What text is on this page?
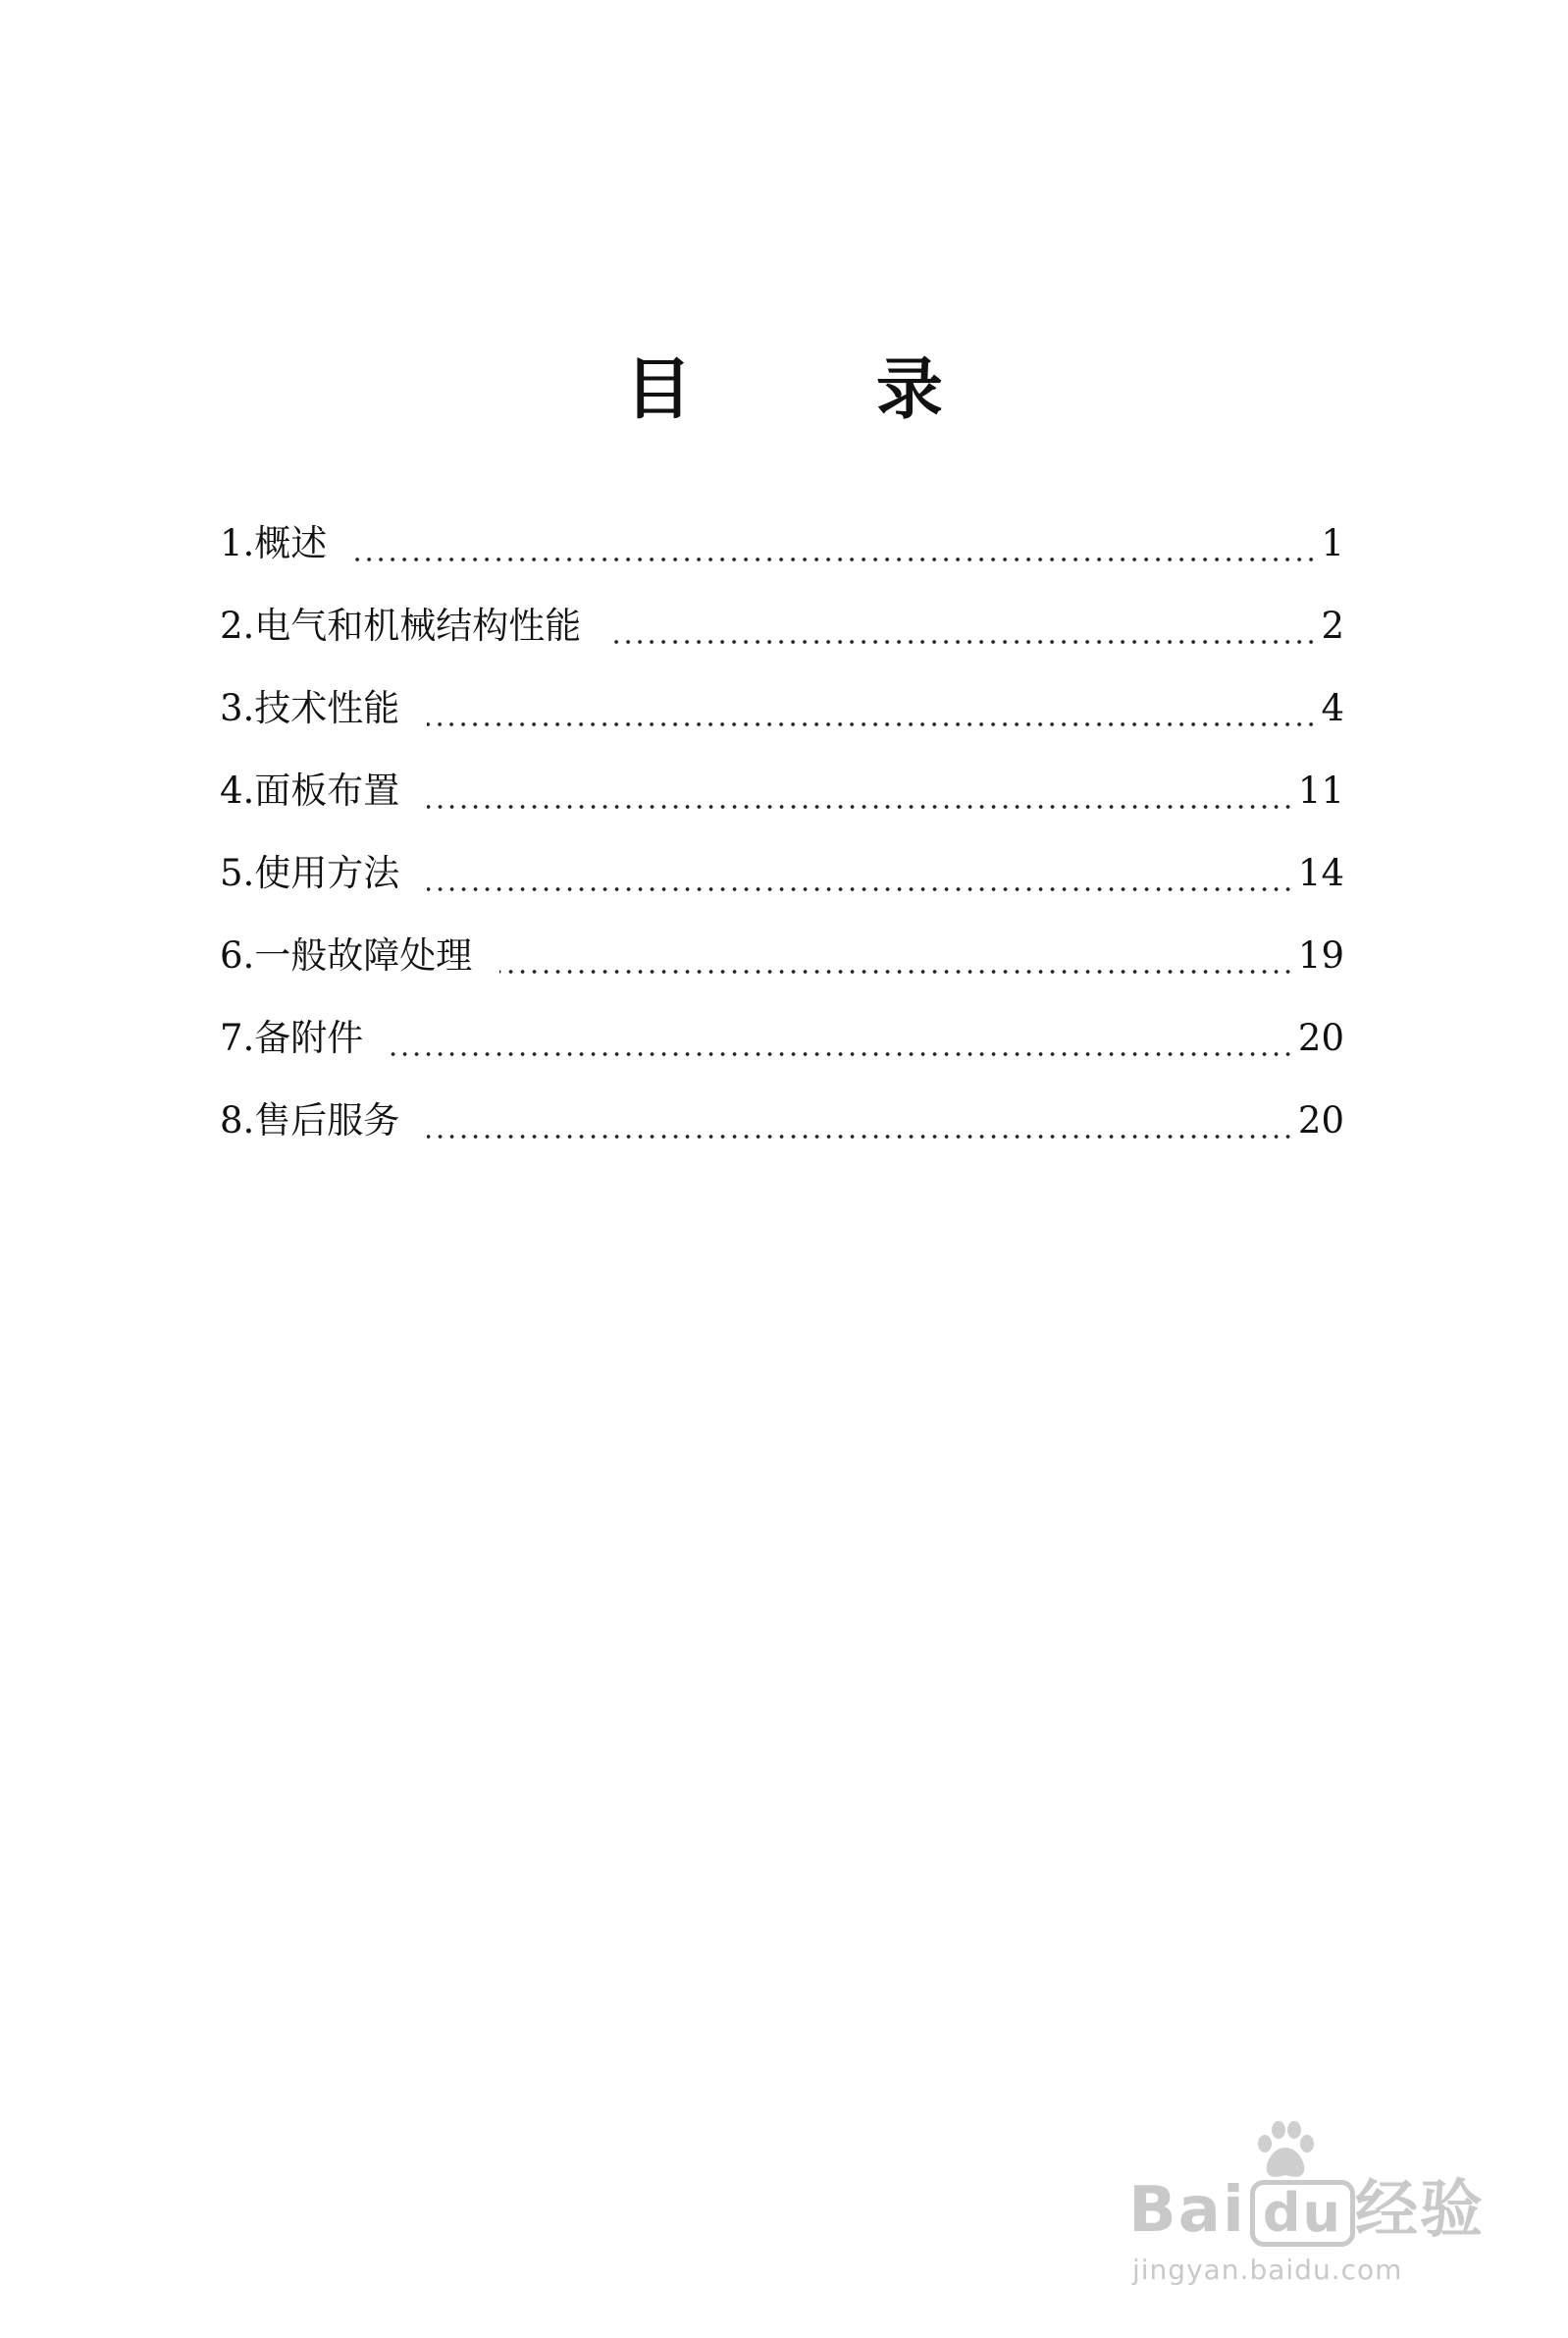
目 录
1.概述	1
2.电气和机械结构性能	2
3.技术性能	4
4.面板布置	11
5.使用方法	14
6.一般故障处理	19
7.备附件	20
8.售后服务	20
Bai du 经验
jingyan.baidu.com
